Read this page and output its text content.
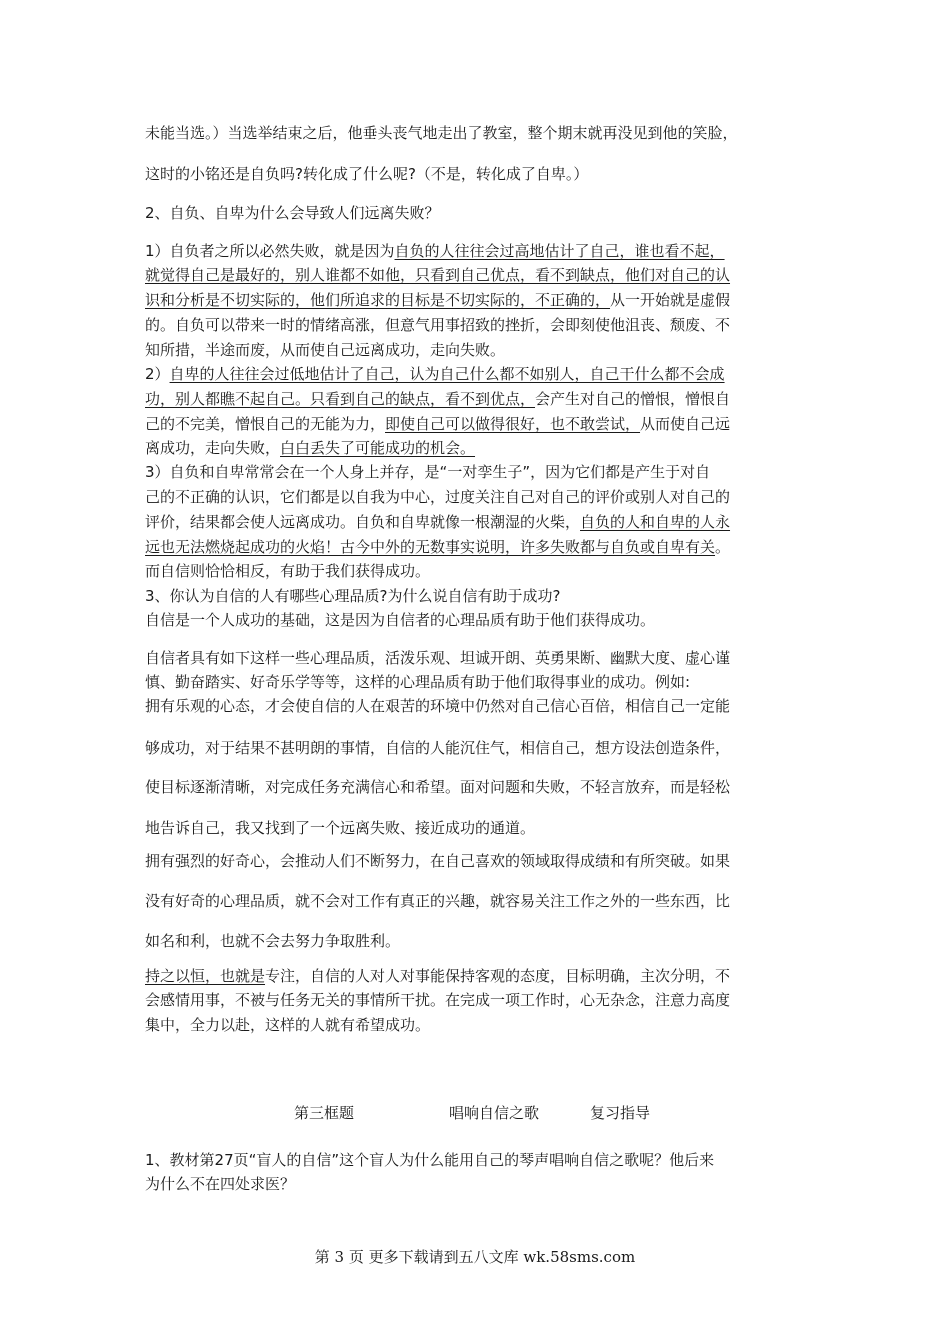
未能当选。）当选举结束之后，他垂头丧气地走出了教室，整个期末就再没见到他的笑脸，
这时的小铭还是自负吗?转化成了什么呢?（不是，转化成了自卑。）
2、自负、自卑为什么会导致人们远离失败？
1）自负者之所以必然失败，就是因为自负的人往往会过高地估计了自己，谁也看不起，
就觉得自己是最好的，别人谁都不如他，只看到自己优点，看不到缺点，他们对自己的认
识和分析是不切实际的，他们所追求的目标是不切实际的，不正确的，从一开始就是虚假
的。自负可以带来一时的情绪高涨，但意气用事招致的挫折，会即刻使他沮丧、颓废、不
知所措，半途而废，从而使自己远离成功，走向失败。
2）自卑的人往往会过低地估计了自己，认为自己什么都不如别人，自己干什么都不会成
功，别人都瞧不起自己。只看到自己的缺点，看不到优点，会产生对自己的憎恨，憎恨自
己的不完美，憎恨自己的无能为力，即使自己可以做得很好，也不敢尝试，从而使自己远
离成功，走向失败，白白丢失了可能成功的机会。
3）自负和自卑常常会在一个人身上并存，是“一对孪生子”，因为它们都是产生于对自
己的不正确的认识，它们都是以自我为中心，过度关注自己对自己的评价或别人对自己的
评价，结果都会使人远离成功。自负和自卑就像一根潮湿的火柴，自负的人和自卑的人永
远也无法燃烧起成功的火焰！古今中外的无数事实说明，许多失败都与自负或自卑有关。
而自信则恰恰相反，有助于我们获得成功。
3、你认为自信的人有哪些心理品质?为什么说自信有助于成功?
自信是一个人成功的基础，这是因为自信者的心理品质有助于他们获得成功。
自信者具有如下这样一些心理品质，活泼乐观、坦诚开朗、英勇果断、幽默大度、虚心谨
慎、勤奋踏实、好奇乐学等等，这样的心理品质有助于他们取得事业的成功。例如:
拥有乐观的心态，才会使自信的人在艰苦的环境中仍然对自己信心百倍，相信自己一定能
够成功，对于结果不甚明朗的事情，自信的人能沉住气，相信自己，想方设法创造条件，
使目标逐渐清晰，对完成任务充满信心和希望。面对问题和失败，不轻言放弃，而是轻松
地告诉自己，我又找到了一个远离失败、接近成功的通道。
拥有强烈的好奇心，会推动人们不断努力，在自己喜欢的领域取得成绩和有所突破。如果
没有好奇的心理品质，就不会对工作有真正的兴趣，就容易关注工作之外的一些东西，比
如名和利，也就不会去努力争取胜利。
持之以恒，也就是专注，自信的人对人对事能保持客观的态度，目标明确，主次分明，不
会感情用事，不被与任务无关的事情所干扰。在完成一项工作时，心无杂念，注意力高度
集中，全力以赴，这样的人就有希望成功。
第三框题	唱响自信之歌	复习指导
1、教材第27页“盲人的自信”这个盲人为什么能用自己的琴声唱响自信之歌呢？他后来
为什么不在四处求医？
第 3 页 更多下载请到五八文库 wk.58sms.com
